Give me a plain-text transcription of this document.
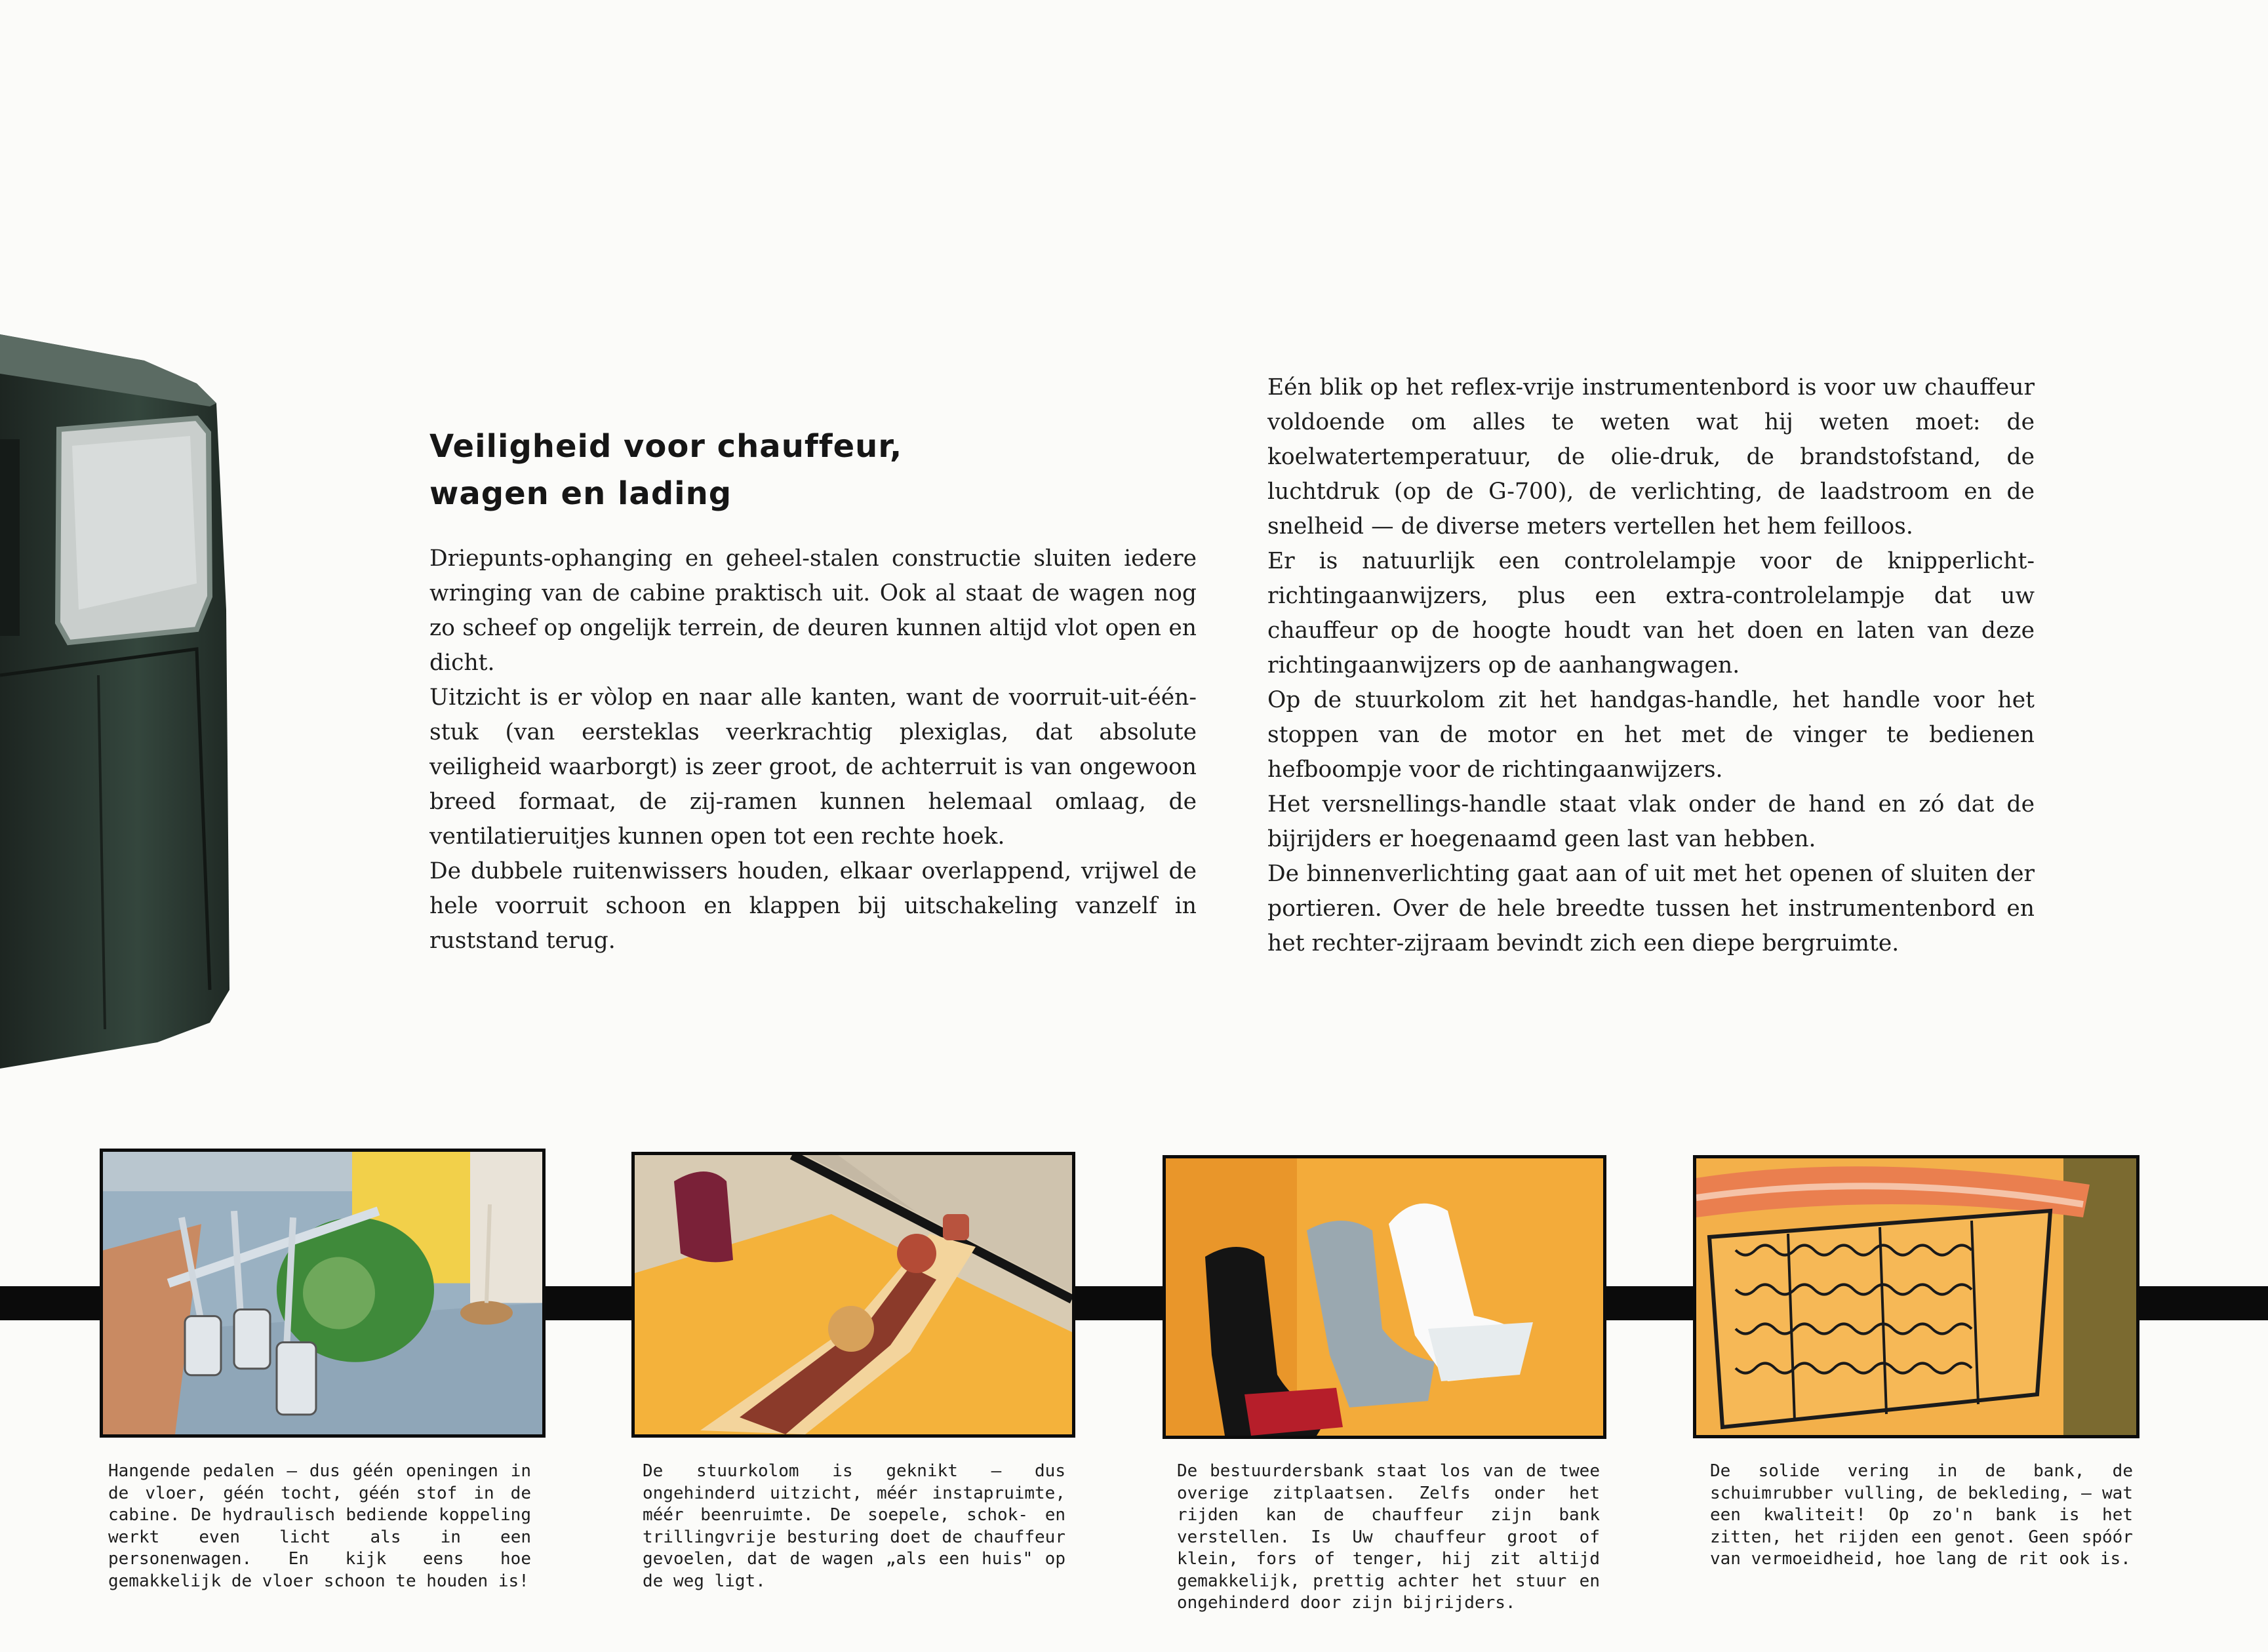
Veiligheid voor chauffeur,
wagen en lading

Driepunts-ophanging en geheel-stalen constructie sluiten iedere wringing van de cabine praktisch uit. Ook al staat de wagen nog zo scheef op ongelijk terrein, de deuren kunnen altijd vlot open en dicht.

Uitzicht is er vòlop en naar alle kanten, want de voorruit-uit-één-stuk (van eersteklas veerkrachtig plexiglas, dat absolute veiligheid waarborgt) is zeer groot, de achterruit is van ongewoon breed formaat, de zij-ramen kunnen helemaal omlaag, de ventilatieruitjes kunnen open tot een rechte hoek.

De dubbele ruitenwissers houden, elkaar overlappend, vrijwel de hele voorruit schoon en klappen bij uitschakeling vanzelf in ruststand terug.

Eén blik op het reflex-vrije instrumentenbord is voor uw chauffeur voldoende om alles te weten wat hij weten moet: de koelwatertemperatuur, de olie-druk, de brandstofstand, de luchtdruk (op de G-700), de verlichting, de laadstroom en de snelheid — de diverse meters vertellen het hem feilloos.

Er is natuurlijk een controlelampje voor de knipperlicht-richtingaanwijzers, plus een extra-controlelampje dat uw chauffeur op de hoogte houdt van het doen en laten van deze richtingaanwijzers op de aanhangwagen.

Op de stuurkolom zit het handgas-handle, het handle voor het stoppen van de motor en het met de vinger te bedienen hefboompje voor de richtingaanwijzers.

Het versnellings-handle staat vlak onder de hand en zó dat de bijrijders er hoegenaamd geen last van hebben.

De binnenverlichting gaat aan of uit met het openen of sluiten der portieren. Over de hele breedte tussen het instrumentenbord en het rechter-zijraam bevindt zich een diepe bergruimte.

Hangende pedalen — dus géén openingen in de vloer, géén tocht, géén stof in de cabine. De hydraulisch bediende koppeling werkt even licht als in een personenwagen. En kijk eens hoe gemakkelijk de vloer schoon te houden is!
De stuurkolom is geknikt — dus ongehinderd uitzicht, méér instapruimte, méér beenruimte. De soepele, schok- en trillingvrije besturing doet de chauffeur gevoelen, dat de wagen „als een huis" op de weg ligt.
De bestuurdersbank staat los van de twee overige zitplaatsen. Zelfs onder het rijden kan de chauffeur zijn bank verstellen. Is Uw chauffeur groot of klein, fors of tenger, hij zit altijd gemakkelijk, prettig achter het stuur en ongehinderd door zijn bijrijders.
De solide vering in de bank, de schuimrubber vulling, de bekleding, — wat een kwaliteit! Op zo'n bank is het zitten, het rijden een genot. Geen spóór van vermoeidheid, hoe lang de rit ook is.
